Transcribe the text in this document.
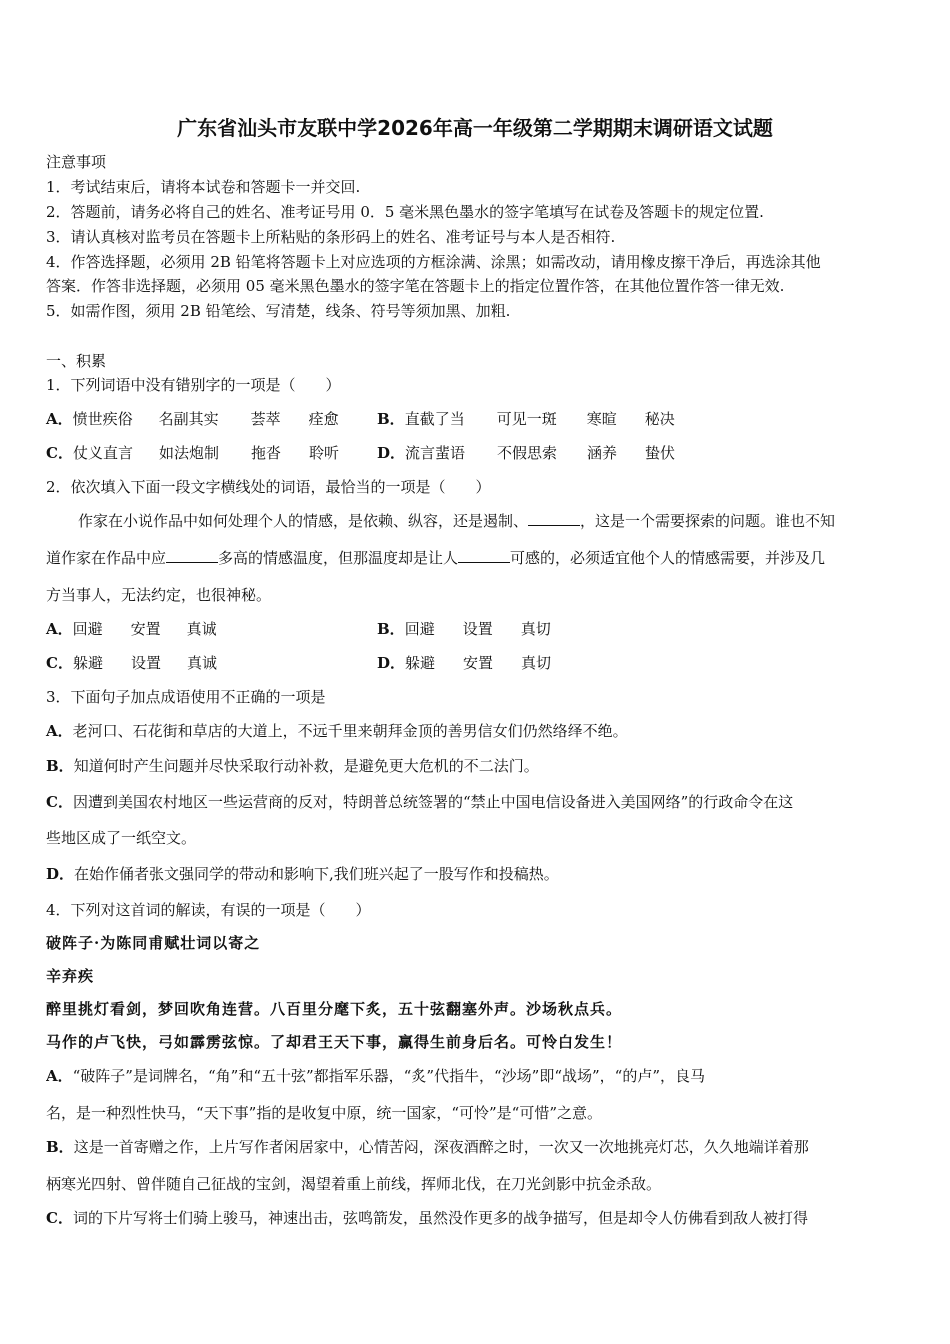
广东省汕头市友联中学2026年高一年级第二学期期末调研语文试题
注意事项
1．考试结束后，请将本试卷和答题卡一并交回.
2．答题前，请务必将自己的姓名、准考证号用 0．5 毫米黑色墨水的签字笔填写在试卷及答题卡的规定位置.
3．请认真核对监考员在答题卡上所粘贴的条形码上的姓名、准考证号与本人是否相符.
4．作答选择题，必须用 2B 铅笔将答题卡上对应选项的方框涂满、涂黑；如需改动，请用橡皮擦干净后，再选涂其他
答案．作答非选择题，必须用 05 毫米黑色墨水的签字笔在答题卡上的指定位置作答，在其他位置作答一律无效.
5．如需作图，须用 2B 铅笔绘、写清楚，线条、符号等须加黑、加粗.
一、积累
1．下列词语中没有错别字的一项是（　　）
A．愤世疾俗 名副其实 荟萃 痊愈	B．直截了当 可见一斑 寒暄 秘决
C．仗义直言 如法炮制 拖沓 聆听	D．流言蜚语 不假思索 涵养 蛰伏
2．依次填入下面一段文字横线处的词语，最恰当的一项是（　　）
作家在小说作品中如何处理个人的情感，是依赖、纵容，还是遏制、	，这是一个需要探索的问题。谁也不知
道作家在作品中应	多高的情感温度，但那温度却是让人	可感的，必须适宜他个人的情感需要，并涉及几
方当事人，无法约定，也很神秘。
A．回避 安置 真诚	B．回避 设置 真切
C．躲避 设置 真诚	D．躲避 安置 真切
3．下面句子加点成语使用不正确的一项是
A．老河口、石花街和草店的大道上，不远千里来朝拜金顶的善男信女们仍然络绎不绝。
B．知道何时产生问题并尽快采取行动补救，是避免更大危机的不二法门。
C．因遭到美国农村地区一些运营商的反对，特朗普总统签署的“禁止中国电信设备进入美国网络”的行政命令在这
些地区成了一纸空文。
D．在始作俑者张文强同学的带动和影响下,我们班兴起了一股写作和投稿热。
4．下列对这首词的解读，有误的一项是（　　）
破阵子·为陈同甫赋壮词以寄之
辛弃疾
醉里挑灯看剑，梦回吹角连营。八百里分麾下炙，五十弦翻塞外声。沙场秋点兵。
马作的卢飞快，弓如霹雳弦惊。了却君王天下事，赢得生前身后名。可怜白发生！
A．“破阵子”是词牌名，“角”和“五十弦”都指军乐器，“炙”代指牛，“沙场”即“战场”，“的卢”，良马
名，是一种烈性快马，“天下事”指的是收复中原，统一国家，“可怜”是“可惜”之意。
B．这是一首寄赠之作，上片写作者闲居家中，心情苦闷，深夜酒醉之时，一次又一次地挑亮灯芯，久久地端详着那
柄寒光四射、曾伴随自己征战的宝剑，渴望着重上前线，挥师北伐，在刀光剑影中抗金杀敌。
C．词的下片写将士们骑上骏马，神速出击，弦鸣箭发，虽然没作更多的战争描写，但是却令人仿佛看到敌人被打得
